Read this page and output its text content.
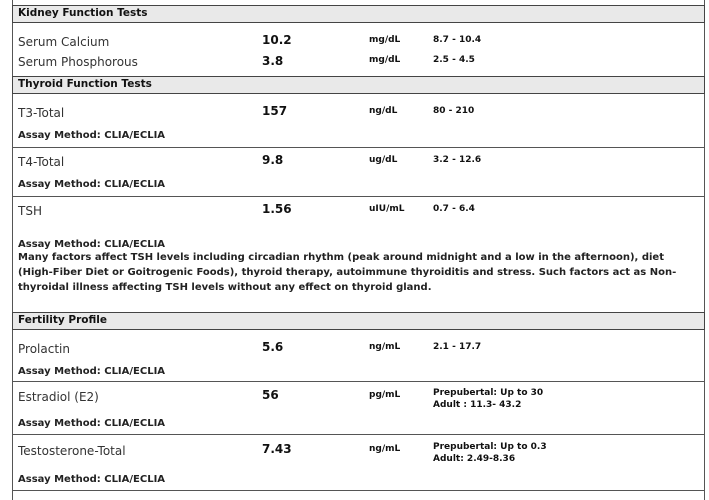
Kidney Function Tests
Serum Calcium	10.2	mg/dL	8.7 - 10.4
Serum Phosphorous	3.8	mg/dL	2.5 - 4.5
Thyroid Function Tests
T3-Total	157	ng/dL	80 - 210
Assay Method: CLIA/ECLIA
T4-Total	9.8	ug/dL	3.2 - 12.6
Assay Method: CLIA/ECLIA
TSH	1.56	uIU/mL	0.7 - 6.4
Assay Method: CLIA/ECLIA
Many factors affect TSH levels including circadian rhythm (peak around midnight and a low in the afternoon), diet (High-Fiber Diet or Goitrogenic Foods), thyroid therapy, autoimmune thyroiditis and stress. Such factors act as Non-thyroidal illness affecting TSH levels without any effect on thyroid gland.
Fertility Profile
Prolactin	5.6	ng/mL	2.1 - 17.7
Assay Method: CLIA/ECLIA
Estradiol (E2)	56	pg/mL	Prepubertal: Up to 30
Adult : 11.3- 43.2
Assay Method: CLIA/ECLIA
Testosterone-Total	7.43	ng/mL	Prepubertal: Up to 0.3
Adult: 2.49-8.36
Assay Method: CLIA/ECLIA
